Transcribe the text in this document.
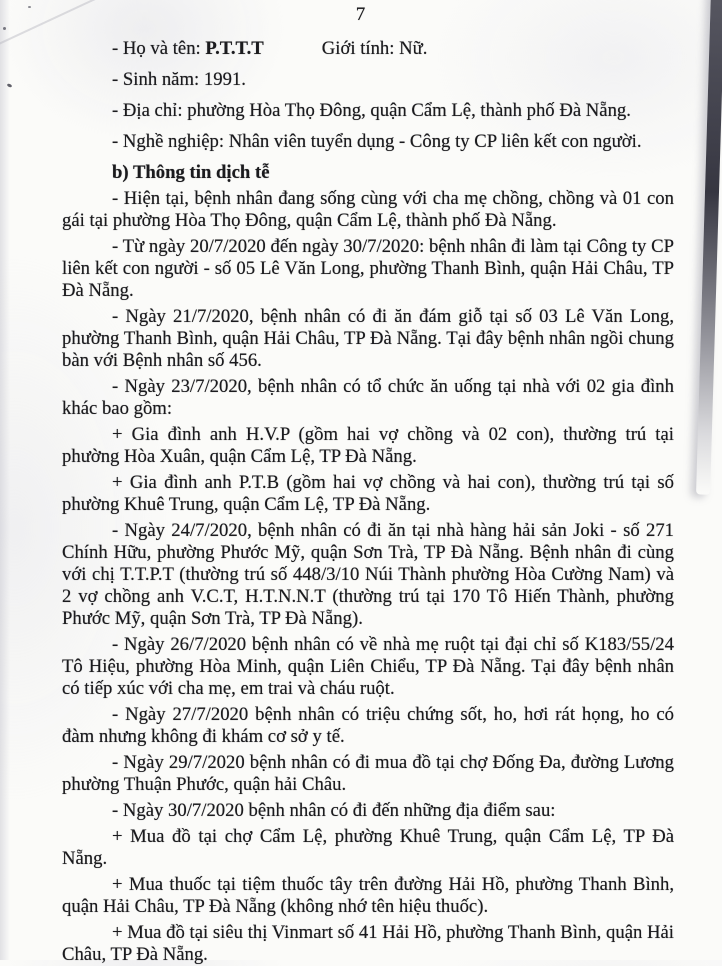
7

- Họ và tên: P.T.T.T	Giới tính: Nữ.

- Sinh năm: 1991.

- Địa chỉ: phường Hòa Thọ Đông, quận Cẩm Lệ, thành phố Đà Nẵng.

- Nghề nghiệp: Nhân viên tuyển dụng - Công ty CP liên kết con người.

b) Thông tin dịch tễ

- Hiện tại, bệnh nhân đang sống cùng với cha mẹ chồng, chồng và 01 con gái tại phường Hòa Thọ Đông, quận Cẩm Lệ, thành phố Đà Nẵng.

- Từ ngày 20/7/2020 đến ngày 30/7/2020: bệnh nhân đi làm tại Công ty CP liên kết con người - số 05 Lê Văn Long, phường Thanh Bình, quận Hải Châu, TP Đà Nẵng.

- Ngày 21/7/2020, bệnh nhân có đi ăn đám giỗ tại số 03 Lê Văn Long, phường Thanh Bình, quận Hải Châu, TP Đà Nẵng. Tại đây bệnh nhân ngồi chung bàn với Bệnh nhân số 456.

- Ngày 23/7/2020, bệnh nhân có tổ chức ăn uống tại nhà với 02 gia đình khác bao gồm:

+ Gia đình anh H.V.P (gồm hai vợ chồng và 02 con), thường trú tại phường Hòa Xuân, quận Cẩm Lệ, TP Đà Nẵng.

+ Gia đình anh P.T.B (gồm hai vợ chồng và hai con), thường trú tại số phường Khuê Trung, quận Cẩm Lệ, TP Đà Nẵng.

- Ngày 24/7/2020, bệnh nhân có đi ăn tại nhà hàng hải sản Joki - số 271 Chính Hữu, phường Phước Mỹ, quận Sơn Trà, TP Đà Nẵng. Bệnh nhân đi cùng với chị T.T.P.T (thường trú số 448/3/10 Núi Thành phường Hòa Cường Nam) và 2 vợ chồng anh V.C.T, H.T.N.N.T (thường trú tại 170 Tô Hiến Thành, phường Phước Mỹ, quận Sơn Trà, TP Đà Nẵng).

- Ngày 26/7/2020 bệnh nhân có về nhà mẹ ruột tại đại chỉ số K183/55/24 Tô Hiệu, phường Hòa Minh, quận Liên Chiểu, TP Đà Nẵng. Tại đây bệnh nhân có tiếp xúc với cha mẹ, em trai và cháu ruột.

- Ngày 27/7/2020 bệnh nhân có triệu chứng sốt, ho, hơi rát họng, ho có đàm nhưng không đi khám cơ sở y tế.

- Ngày 29/7/2020 bệnh nhân có đi mua đồ tại chợ Đống Đa, đường Lương phường Thuận Phước, quận hải Châu.

- Ngày 30/7/2020 bệnh nhân có đi đến những địa điểm sau:

+ Mua đồ tại chợ Cẩm Lệ, phường Khuê Trung, quận Cẩm Lệ, TP Đà Nẵng.

+ Mua thuốc tại tiệm thuốc tây trên đường Hải Hồ, phường Thanh Bình, quận Hải Châu, TP Đà Nẵng (không nhớ tên hiệu thuốc).

+ Mua đồ tại siêu thị Vinmart số 41 Hải Hồ, phường Thanh Bình, quận Hải Châu, TP Đà Nẵng.
